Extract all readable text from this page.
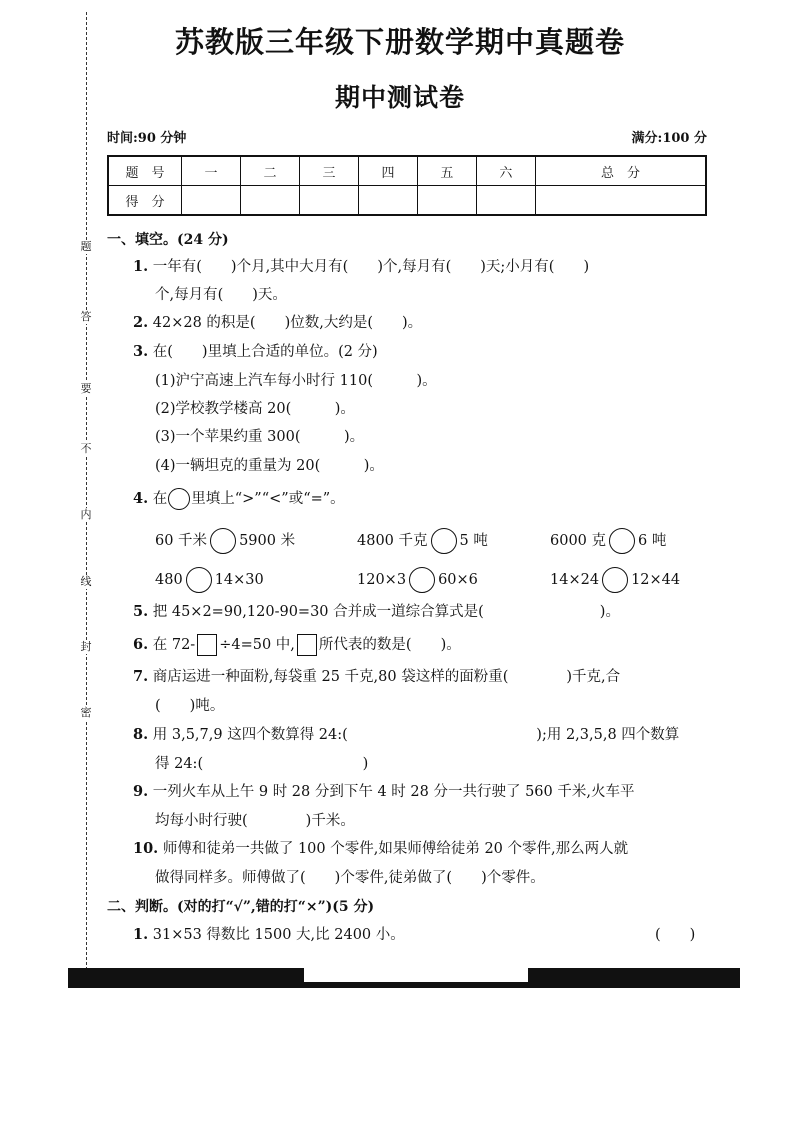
题
答
要
不
内
线
封
密
苏教版三年级下册数学期中真题卷
期中测试卷
时间:90 分钟	满分:100 分
题　号	一	二	三	四	五	六	总　分
得　分							
一、填空。(24 分)
1. 一年有(　　)个月,其中大月有(　　)个,每月有(　　)天;小月有(　　)
个,每月有(　　)天。
2. 42×28 的积是(　　)位数,大约是(　　)。
3. 在(　　)里填上合适的单位。(2 分)
(1)沪宁高速上汽车每小时行 110(　　　)。
(2)学校教学楼高 20(　　　)。
(3)一个苹果约重 300(　　　)。
(4)一辆坦克的重量为 20(　　　)。
4. 在 里填上“>”“<”或“=”。
60 千米 5900 米	4800 千克 5 吨	6000 克 6 吨
480 14×30	120×3 60×6	14×24 12×44
5. 把 45×2=90,120-90=30 合并成一道综合算式是(　　　　　　　　)。
6. 在 72- ÷4=50 中, 所代表的数是(　　)。
7. 商店运进一种面粉,每袋重 25 千克,80 袋这样的面粉重(　　　　)千克,合
(　　)吨。
8. 用 3,5,7,9 这四个数算得 24:(　　　　　　　　　　　　　);用 2,3,5,8 四个数算
得 24:(　　　　　　　　　　　)
9. 一列火车从上午 9 时 28 分到下午 4 时 28 分一共行驶了 560 千米,火车平
均每小时行驶(　　　　)千米。
10. 师傅和徒弟一共做了 100 个零件,如果师傅给徒弟 20 个零件,那么两人就
做得同样多。师傅做了(　　)个零件,徒弟做了(　　)个零件。
二、判断。(对的打“√”,错的打“×”)(5 分)
1. 31×53 得数比 1500 大,比 2400 小。	(　　)
